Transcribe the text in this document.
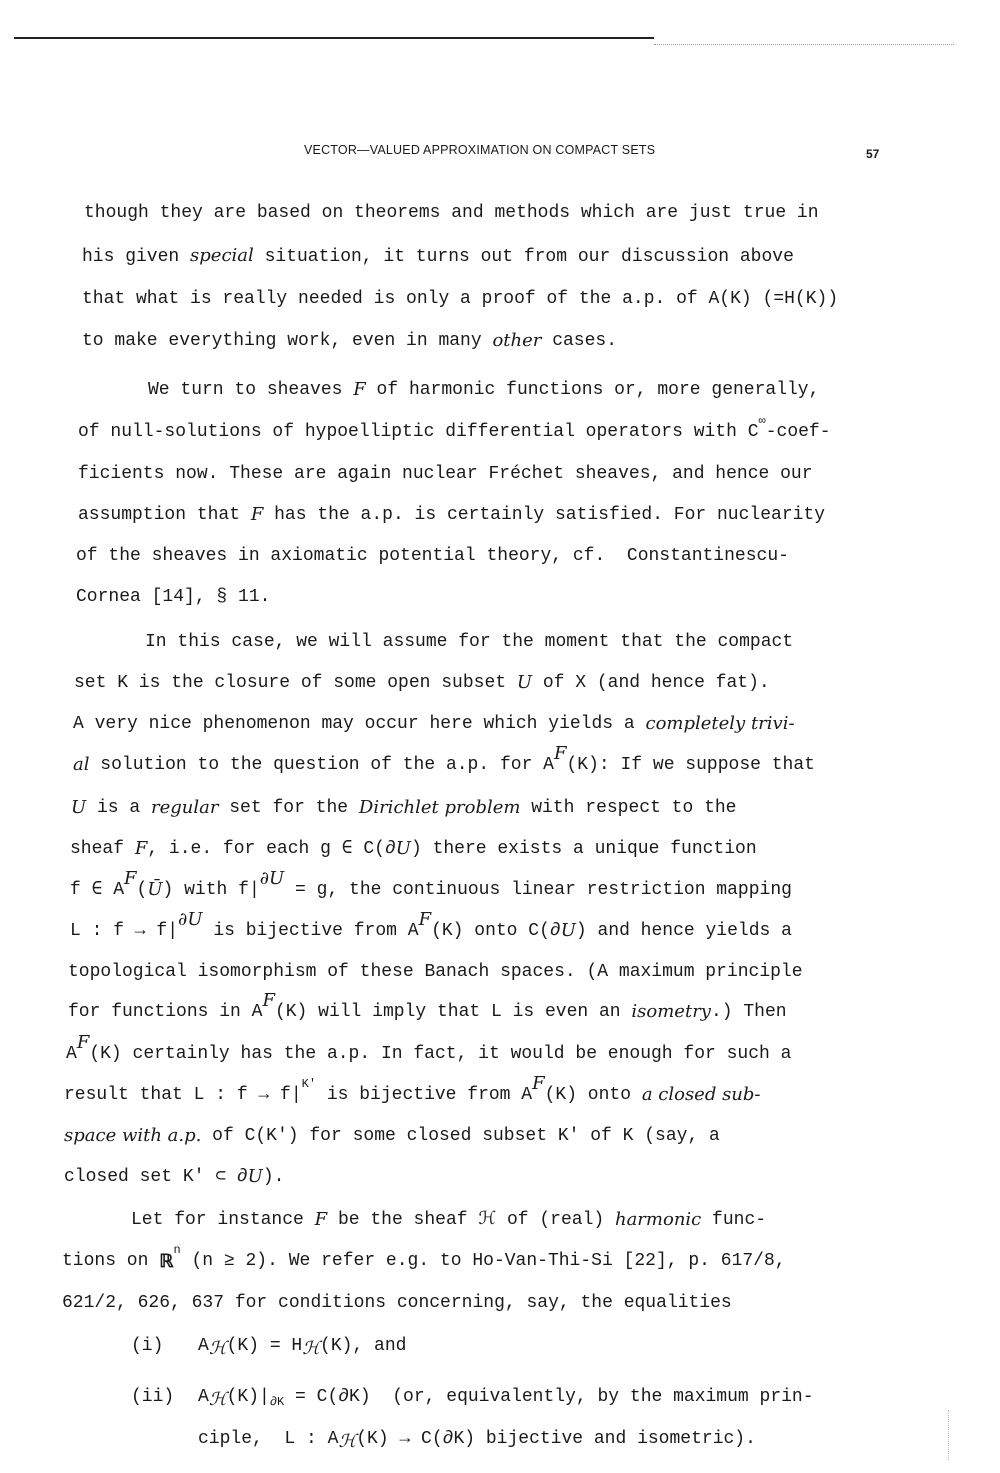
VECTOR—VALUED APPROXIMATION ON COMPACT SETS	57
though they are based on theorems and methods which are just true in
his given special situation, it turns out from our discussion above
that what is really needed is only a proof of the a.p. of A(K) (=H(K))
to make everything work, even in many other cases.
We turn to sheaves F of harmonic functions or, more generally,
of null-solutions of hypoelliptic differential operators with C
∞
-coef-
ficients now. These are again nuclear Fréchet sheaves, and hence our
assumption that F has the a.p. is certainly satisfied. For nuclearity
of the sheaves in axiomatic potential theory, cf.  Constantinescu-
Cornea [14], § 11.
In this case, we will assume for the moment that the compact
set K is the closure of some open subset U of X (and hence fat).
A very nice phenomenon may occur here which yields a completely trivi-
al solution to the question of the a.p. for A
F
(K): If we suppose that
U is a regular set for the Dirichlet problem with respect to the
sheaf F , i.e. for each g ∈ C(∂ U ) there exists a unique function
f ∈ A
F
( Ū ) with f|
∂U
= g, the continuous linear restriction mapping
L : f → f|
∂U
is bijective from A
F
(K) onto C(∂ U ) and hence yields a
topological isomorphism of these Banach spaces. (A maximum principle
for functions in A
F
(K) will imply that L is even an isometry .) Then
A
F
(K) certainly has the a.p. In fact, it would be enough for such a
result that L : f → f|
K'
is bijective from A
F
(K) onto a closed sub-
space with a.p. of C(K') for some closed subset K' of K (say, a
closed set K' ⊂ ∂ U ).
Let for instance F be the sheaf ℋ of (real) harmonic func-
tions on ℝ
n
(n ≥ 2). We refer e.g. to Ho-Van-Thi-Si [22], p. 617/8,
621/2, 626, 637 for conditions concerning, say, the equalities
(i) $A_ℋ(K) = H_ℋ(K)$, and
(ii) $A_ℋ(K)|_{\partial K} = C(\partial K)$  (or, equivalently, by the maximum prin-
ciple,  L : $A_ℋ(K) \to C(\partial K)$ bijective and isometric).
